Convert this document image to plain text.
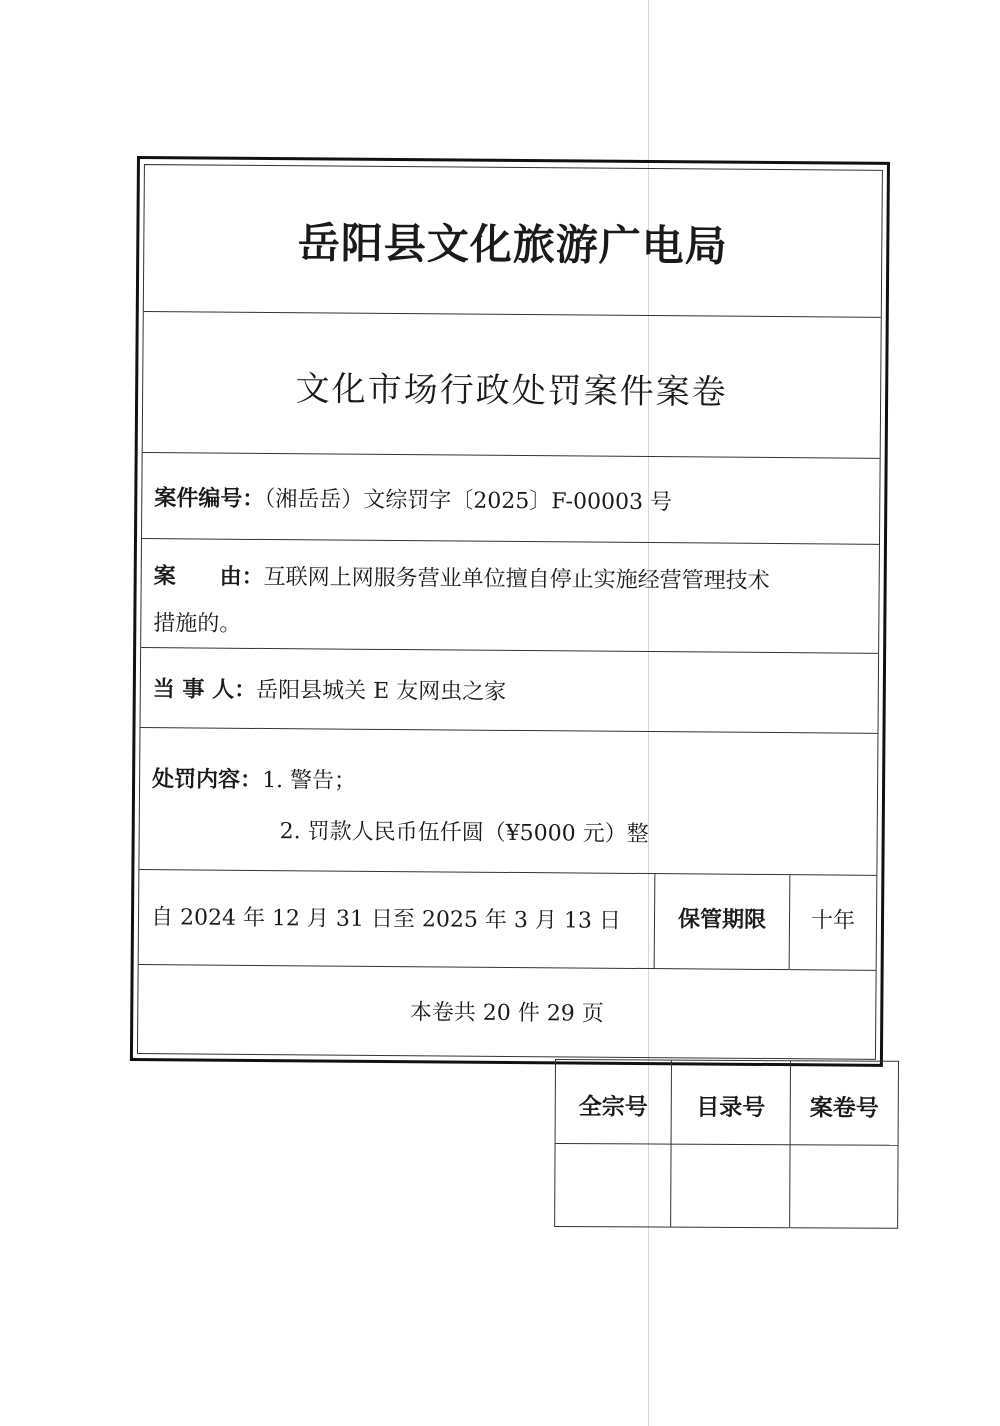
岳阳县文化旅游广电局
文化市场行政处罚案件案卷
案件编号：（湘岳岳）文综罚字〔2025〕F-00003 号
案　　由：互联网上网服务营业单位擅自停止实施经营管理技术
措施的。
当 事 人：岳阳县城关 E 友网虫之家
处罚内容：1. 警告；
2. 罚款人民币伍仟圆（¥5000 元）整
自 2024 年 12 月 31 日至 2025 年 3 月 13 日	保管期限	十年
本卷共 20 件 29 页
全宗号	目录号	案卷号
